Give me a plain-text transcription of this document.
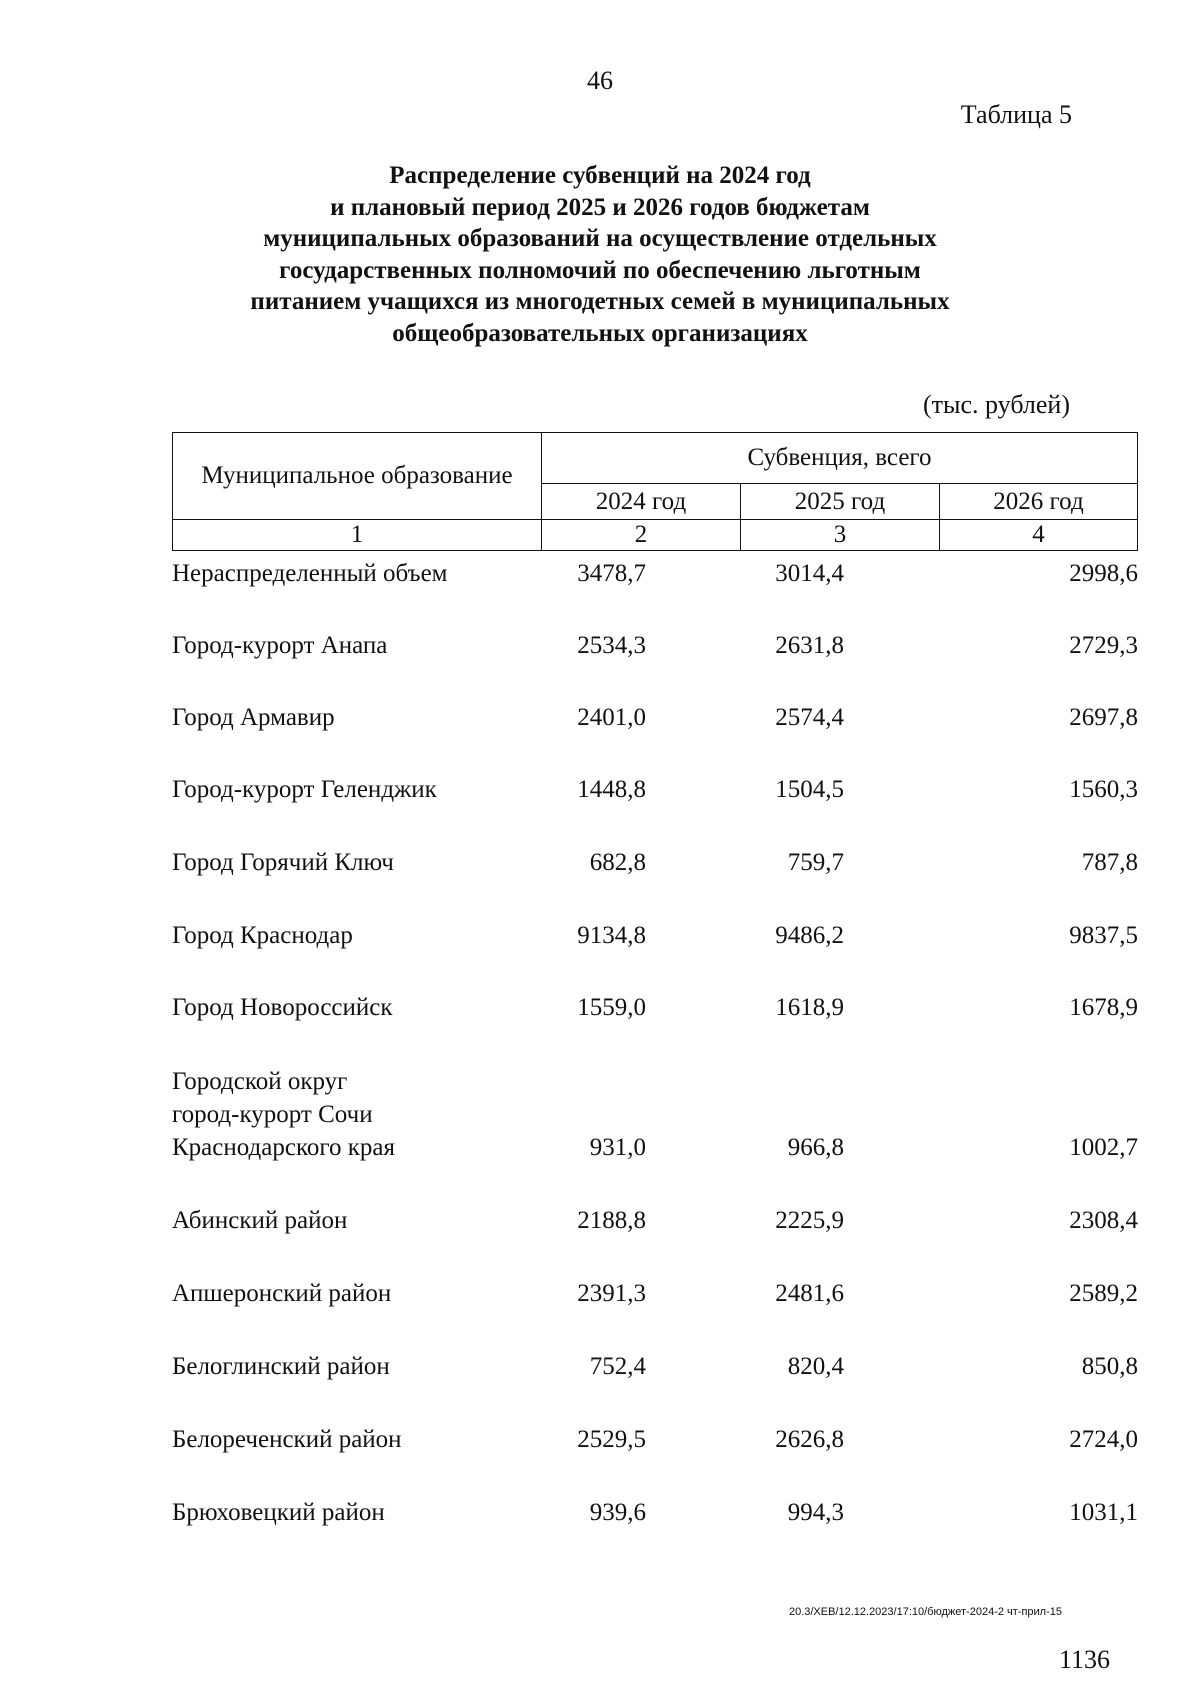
46
Таблица 5
Распределение субвенций на 2024 год
и плановый период 2025 и 2026 годов бюджетам
муниципальных образований на осуществление отдельных
государственных полномочий по обеспечению льготным
питанием учащихся из многодетных семей в муниципальных
общеобразовательных организациях
(тыс. рублей)
Муниципальное образование
Субвенция, всего
2024 год	2025 год	2026 год
1	2	3	4
Нераспределенный объем	3478,7	3014,4	2998,6
Город-курорт Анапа	2534,3	2631,8	2729,3
Город Армавир	2401,0	2574,4	2697,8
Город-курорт Геленджик	1448,8	1504,5	1560,3
Город Горячий Ключ	682,8	759,7	787,8
Город Краснодар	9134,8	9486,2	9837,5
Город Новороссийск	1559,0	1618,9	1678,9
Городской округ
город-курорт Сочи
Краснодарского края	931,0	966,8	1002,7
Абинский район	2188,8	2225,9	2308,4
Апшеронский район	2391,3	2481,6	2589,2
Белоглинский район	752,4	820,4	850,8
Белореченский район	2529,5	2626,8	2724,0
Брюховецкий район	939,6	994,3	1031,1
20.3/ХЕВ/12.12.2023/17:10/бюджет-2024-2 чт-прил-15
1136
